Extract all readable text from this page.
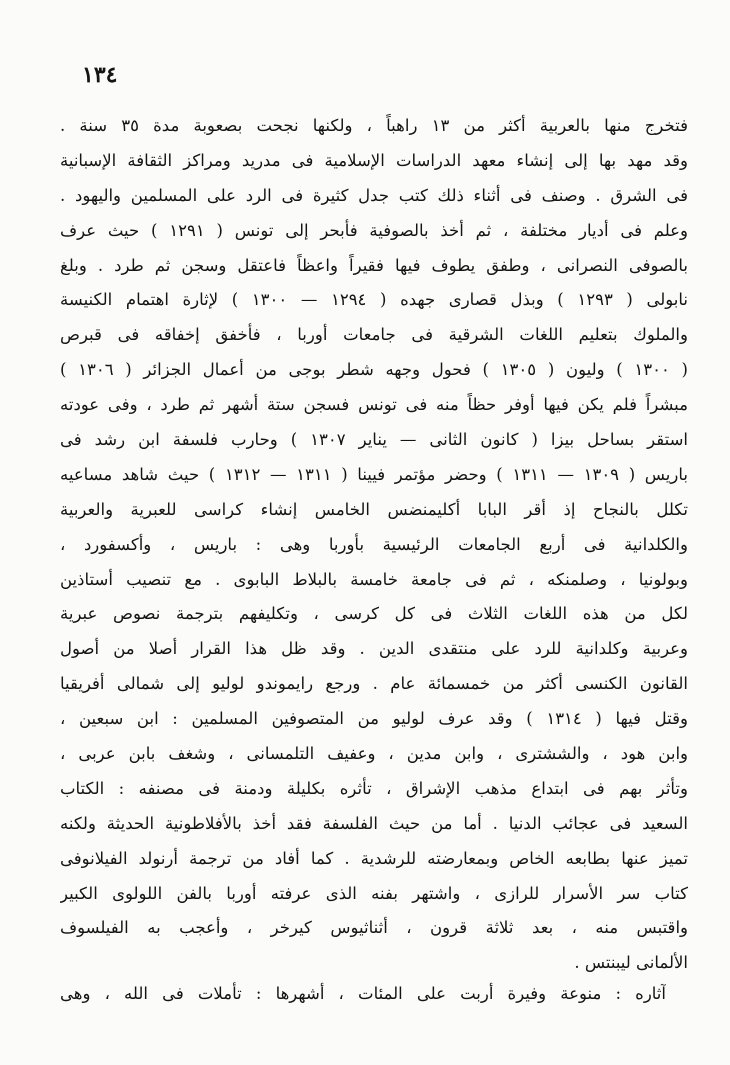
١٣٤
فتخرج منها بالعربية أكثر من ١٣ راهباً ، ولكنها نجحت بصعوبة مدة ٣٥ سنة .
وقد مهد بها إلى إنشاء معهد الدراسات الإسلامية فى مدريد ومراكز الثقافة الإسبانية
فى الشرق . وصنف فى أثناء ذلك كتب جدل كثيرة فى الرد على المسلمين واليهود .
وعلم فى أديار مختلفة ، ثم أخذ بالصوفية فأبحر إلى تونس ( ١٢٩١ ) حيث عرف
بالصوفى النصرانى ، وطفق يطوف فيها فقيراً واعظاً فاعتقل وسجن ثم طرد . وبلغ
نابولى ( ١٢٩٣ ) وبذل قصارى جهده ( ١٢٩٤ — ١٣٠٠ ) لإثارة اهتمام الكنيسة
والملوك بتعليم اللغات الشرقية فى جامعات أوربا ، فأخفق إخفاقه فى قبرص
( ١٣٠٠ ) وليون ( ١٣٠٥ ) فحول وجهه شطر بوجى من أعمال الجزائر ( ١٣٠٦ )
مبشراً فلم يكن فيها أوفر حظاً منه فى تونس فسجن ستة أشهر ثم طرد ، وفى عودته
استقر بساحل بيزا ( كانون الثانى — يناير ١٣٠٧ ) وحارب فلسفة ابن رشد فى
باريس ( ١٣٠٩ — ١٣١١ ) وحضر مؤتمر فيينا ( ١٣١١ — ١٣١٢ ) حيث شاهد مساعيه
تكلل بالنجاح إذ أقر البابا أكليمنضس الخامس إنشاء كراسى للعبرية والعربية
والكلدانية فى أربع الجامعات الرئيسية بأوربا وهى : باريس ، وأكسفورد ،
وبولونيا ، وصلمنكه ، ثم فى جامعة خامسة بالبلاط البابوى . مع تنصيب أستاذين
لكل من هذه اللغات الثلاث فى كل كرسى ، وتكليفهم بترجمة نصوص عبرية
وعربية وكلدانية للرد على منتقدى الدين . وقد ظل هذا القرار أصلا من أصول
القانون الكنسى أكثر من خمسمائة عام . ورجع رايموندو لوليو إلى شمالى أفريقيا
وقتل فيها ( ١٣١٤ ) وقد عرف لوليو من المتصوفين المسلمين : ابن سبعين ،
وابن هود ، والششترى ، وابن مدين ، وعفيف التلمسانى ، وشغف بابن عربى ،
وتأثر بهم فى ابتداع مذهب الإشراق ، تأثره بكليلة ودمنة فى مصنفه : الكتاب
السعيد فى عجائب الدنيا . أما من حيث الفلسفة فقد أخذ بالأفلاطونية الحديثة ولكنه
تميز عنها بطابعه الخاص وبمعارضته للرشدية . كما أفاد من ترجمة أرنولد الفيلانوفى
كتاب سر الأسرار للرازى ، واشتهر بفنه الذى عرفته أوربا بالفن اللولوى الكبير
واقتبس منه ، بعد ثلاثة قرون ، أثناثيوس كيرخر ، وأعجب به الفيلسوف
الألمانى ليبنتس .
آثاره : منوعة وفيرة أربت على المئات ، أشهرها : تأملات فى الله ، وهى
